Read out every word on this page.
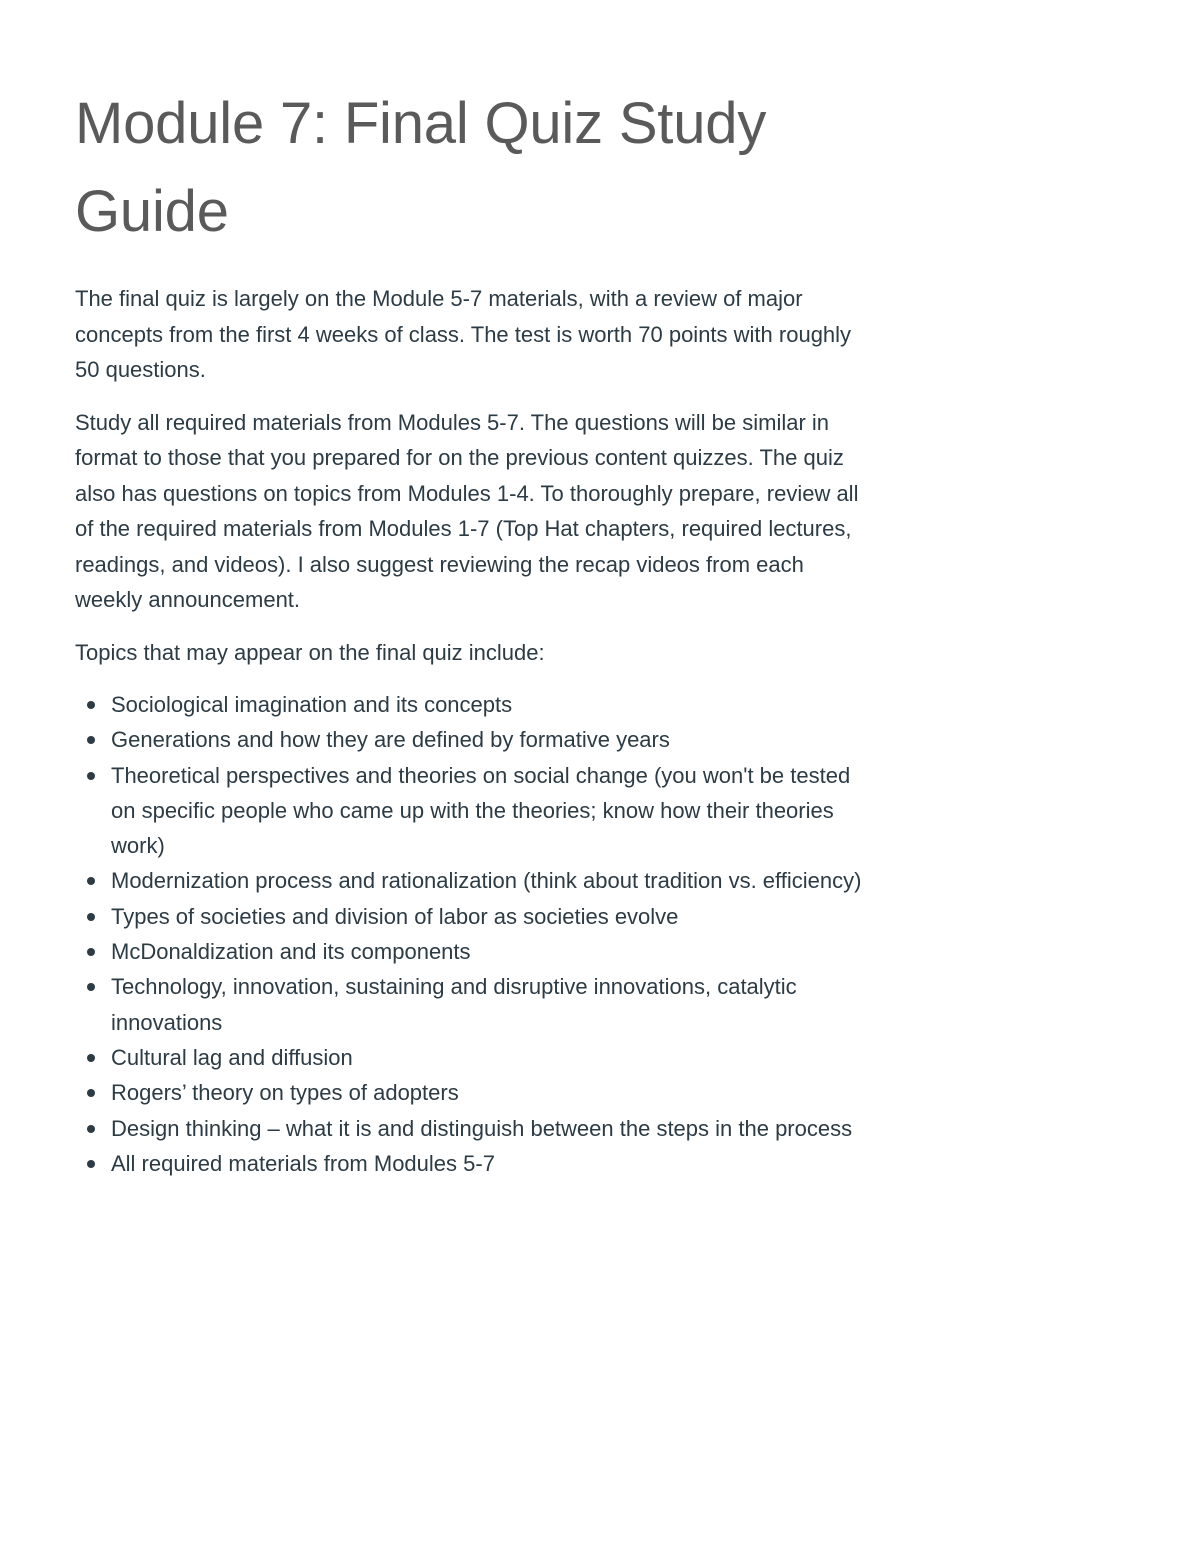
Module 7: Final Quiz Study
Guide

The final quiz is largely on the Module 5-7 materials, with a review of major concepts from the first 4 weeks of class. The test is worth 70 points with roughly 50 questions.

Study all required materials from Modules 5-7. The questions will be similar in format to those that you prepared for on the previous content quizzes. The quiz also has questions on topics from Modules 1-4. To thoroughly prepare, review all of the required materials from Modules 1-7 (Top Hat chapters, required lectures, readings, and videos). I also suggest reviewing the recap videos from each weekly announcement.

Topics that may appear on the final quiz include:

Sociological imagination and its concepts
Generations and how they are defined by formative years
Theoretical perspectives and theories on social change (you won't be tested on specific people who came up with the theories; know how their theories work)
Modernization process and rationalization (think about tradition vs. efficiency)
Types of societies and division of labor as societies evolve
McDonaldization and its components
Technology, innovation, sustaining and disruptive innovations, catalytic innovations
Cultural lag and diffusion
Rogers’ theory on types of adopters
Design thinking – what it is and distinguish between the steps in the process
All required materials from Modules 5-7
